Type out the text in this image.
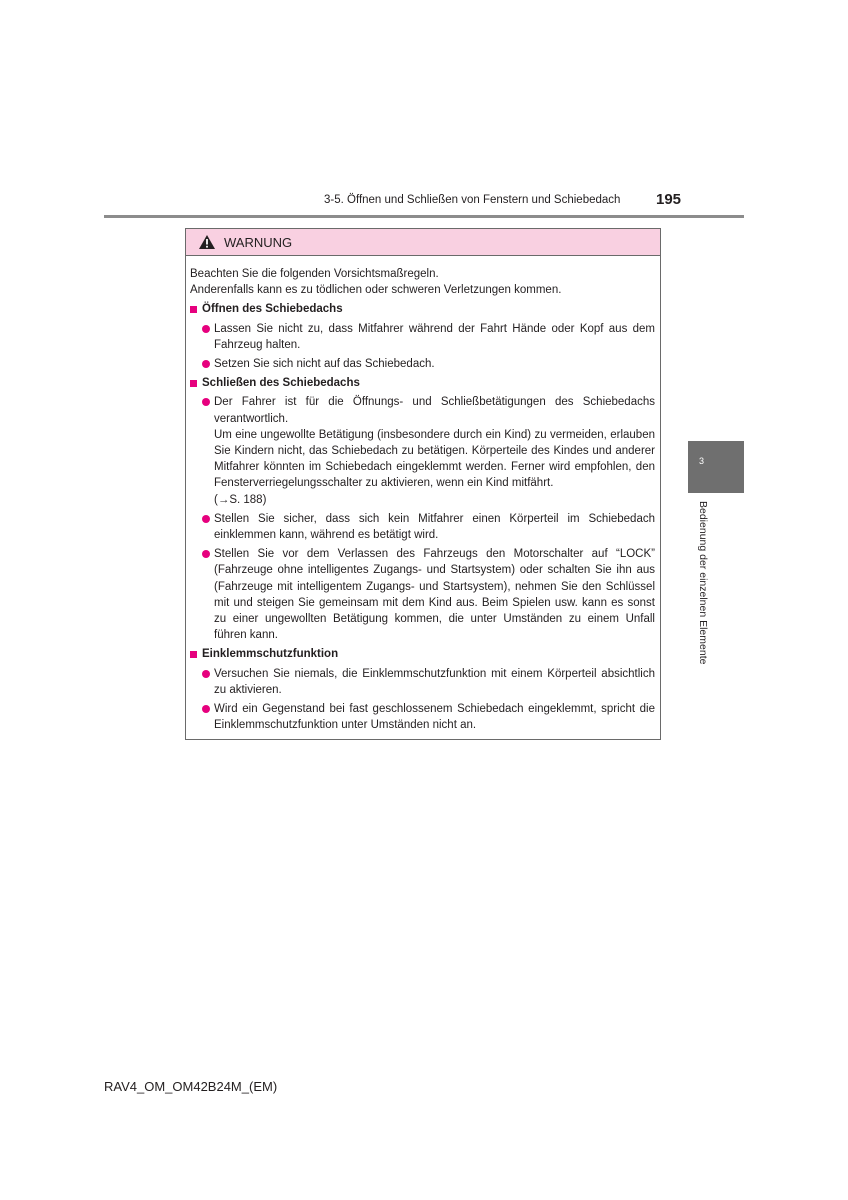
3-5. Öffnen und Schließen von Fenstern und Schiebedach 195
3
Bedienung der einzelnen Elemente
WARNUNG

Beachten Sie die folgenden Vorsichtsmaßregeln.

Anderenfalls kann es zu tödlichen oder schweren Verletzungen kommen.

Öffnen des Schiebedachs
Lassen Sie nicht zu, dass Mitfahrer während der Fahrt Hände oder Kopf aus dem Fahrzeug halten.
Setzen Sie sich nicht auf das Schiebedach.
Schließen des Schiebedachs
Der Fahrer ist für die Öffnungs- und Schließbetätigungen des Schiebedachs verantwortlich.
Um eine ungewollte Betätigung (insbesondere durch ein Kind) zu vermeiden, erlauben Sie Kindern nicht, das Schiebedach zu betätigen. Körperteile des Kindes und anderer Mitfahrer könnten im Schiebedach eingeklemmt werden. Ferner wird empfohlen, den Fensterverriegelungsschalter zu aktivieren, wenn ein Kind mitfährt.
(→S. 188)
Stellen Sie sicher, dass sich kein Mitfahrer einen Körperteil im Schiebedach einklemmen kann, während es betätigt wird.
Stellen Sie vor dem Verlassen des Fahrzeugs den Motorschalter auf “LOCK” (Fahrzeuge ohne intelligentes Zugangs- und Startsystem) oder schalten Sie ihn aus (Fahrzeuge mit intelligentem Zugangs- und Startsystem), nehmen Sie den Schlüssel mit und steigen Sie gemeinsam mit dem Kind aus. Beim Spielen usw. kann es sonst zu einer ungewollten Betätigung kommen, die unter Umständen zu einem Unfall führen kann.
Einklemmschutzfunktion
Versuchen Sie niemals, die Einklemmschutzfunktion mit einem Körperteil absichtlich zu aktivieren.
Wird ein Gegenstand bei fast geschlossenem Schiebedach eingeklemmt, spricht die Einklemmschutzfunktion unter Umständen nicht an.
RAV4_OM_OM42B24M_(EM)
